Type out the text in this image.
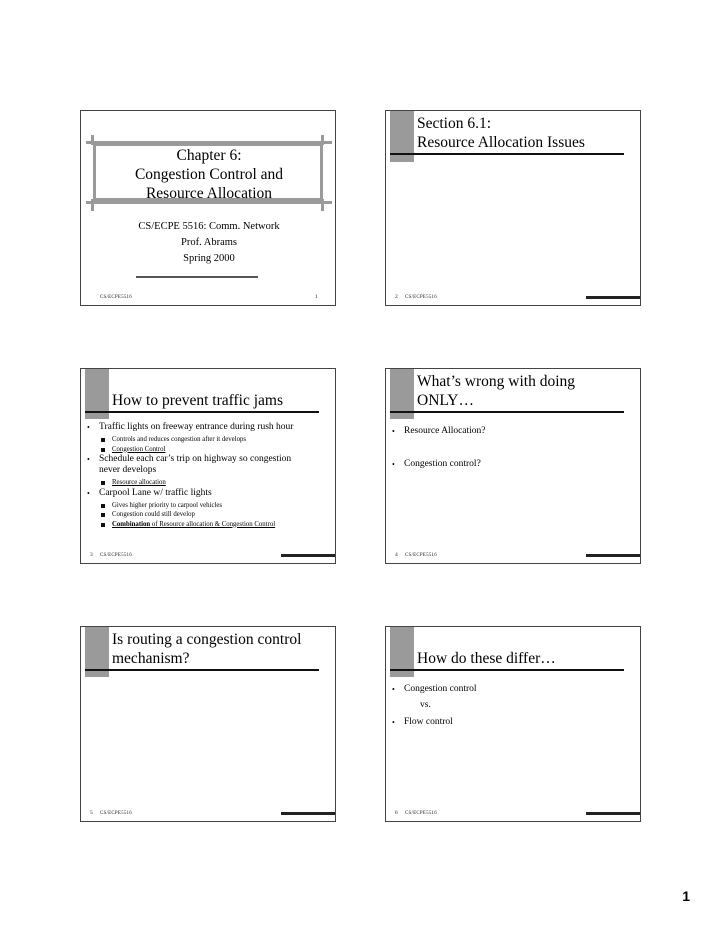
Chapter 6:
Congestion Control and
Resource Allocation
CS/ECPE 5516: Comm. Network
Prof. Abrams
Spring 2000
CS/ECPE5516	1
Section 6.1:
Resource Allocation Issues
2 CS/ECPE5516
How to prevent traffic jams
• Traffic lights on freeway entrance during rush hour
Controls and reduces congestion after it develops
Congestion Control
• Schedule each car’s trip on highway so congestion never develops
Resource allocation
• Carpool Lane w/ traffic lights
Gives higher priority to carpool vehicles
Congestion could still develop
Combination of Resource allocation & Congestion Control
3 CS/ECPE5516
What’s wrong with doing
ONLY…
• Resource Allocation?
• Congestion control?
4 CS/ECPE5516
Is routing a congestion control
mechanism?
5 CS/ECPE5516
How do these differ…
• Congestion control
vs.
• Flow control
6 CS/ECPE5516
1
